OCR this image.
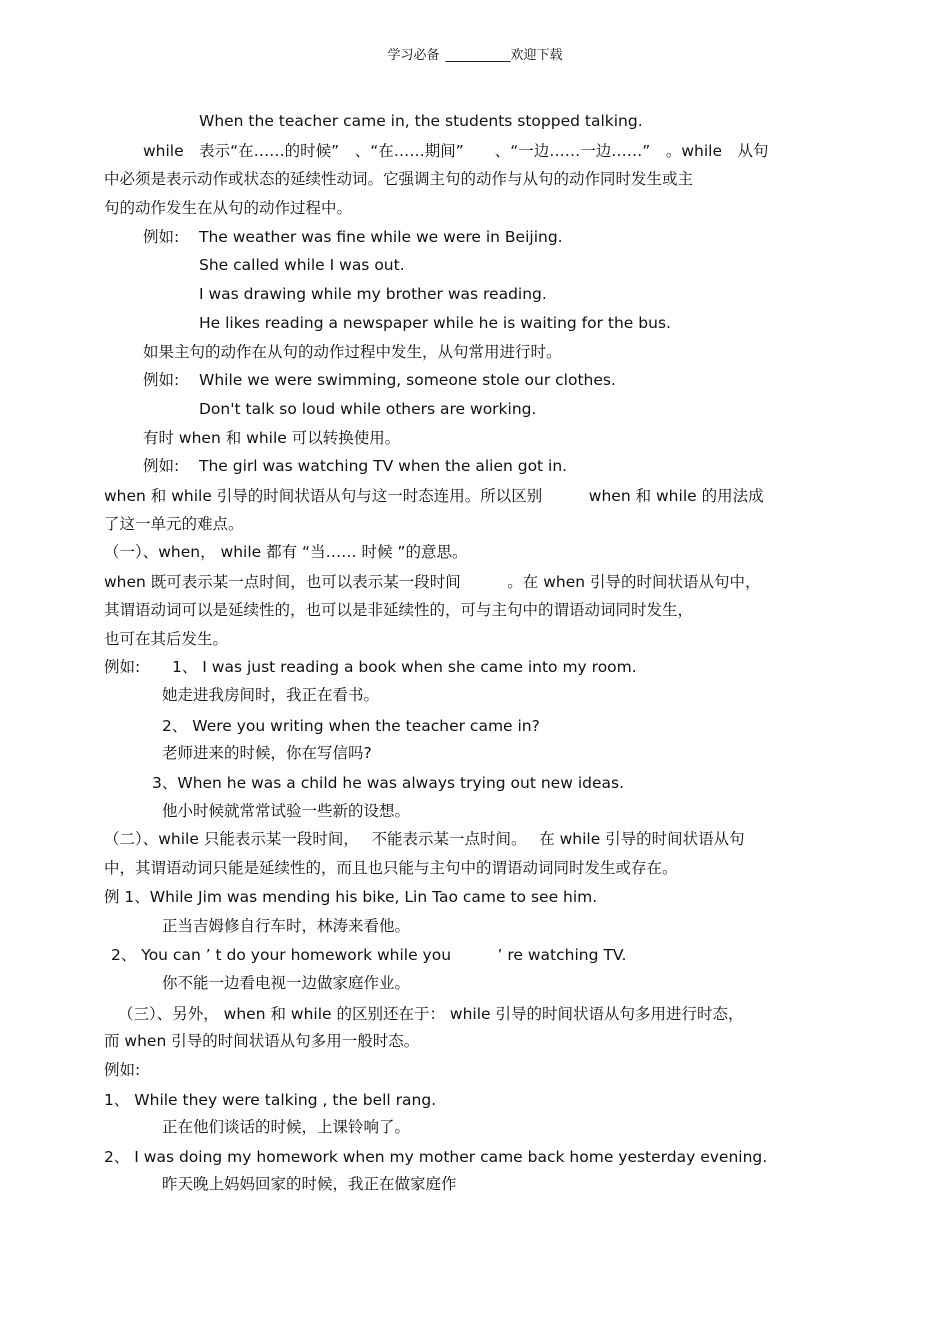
学习必备 __________欢迎下载
When the teacher came in, the students stopped talking.
while　表示“在……的时候”　、“在……期间”　　、“一边……一边……”　。while　从句
中必须是表示动作或状态的延续性动词。它强调主句的动作与从句的动作同时发生或主
句的动作发生在从句的动作过程中。
例如: The weather was fine while we were in Beijing.
She called while I was out.
I was drawing while my brother was reading.
He likes reading a newspaper while he is waiting for the bus.
如果主句的动作在从句的动作过程中发生，从句常用进行时。
例如: While we were swimming, someone stole our clothes.
Don't talk so loud while others are working.
有时 when 和 while 可以转换使用。
例如: The girl was watching TV when the alien got in.
when 和 while 引导的时间状语从句与这一时态连用。所以区别　　　when 和 while 的用法成
了这一单元的难点。
（一）、when， while 都有 “当…… 时候 ”的意思。
when 既可表示某一点时间，也可以表示某一段时间　　　。在 when 引导的时间状语从句中，
其谓语动词可以是延续性的，也可以是非延续性的，可与主句中的谓语动词同时发生，
也可在其后发生。
例如: 1、 I was just reading a book when she came into my room.
她走进我房间时，我正在看书。
2、 Were you writing when the teacher came in?
老师进来的时候，你在写信吗?
3、When he was a child he was always trying out new ideas.
他小时候就常常试验一些新的设想。
（二）、while 只能表示某一段时间，　 不能表示某一点时间。　 在 while 引导的时间状语从句
中，其谓语动词只能是延续性的，而且也只能与主句中的谓语动词同时发生或存在。
例 1、While Jim was mending his bike, Lin Tao came to see him.
正当吉姆修自行车时，林涛来看他。
2、 You can ’ t do your homework while you　　　’ re watching TV.
你不能一边看电视一边做家庭作业。
（三）、另外， when 和 while 的区别还在于： while 引导的时间状语从句多用进行时态，
而 when 引导的时间状语从句多用一般时态。
例如:
1、 While they were talking , the bell rang.
正在他们谈话的时候，上课铃响了。
2、 I was doing my homework when my mother came back home yesterday evening.
昨天晚上妈妈回家的时候，我正在做家庭作
